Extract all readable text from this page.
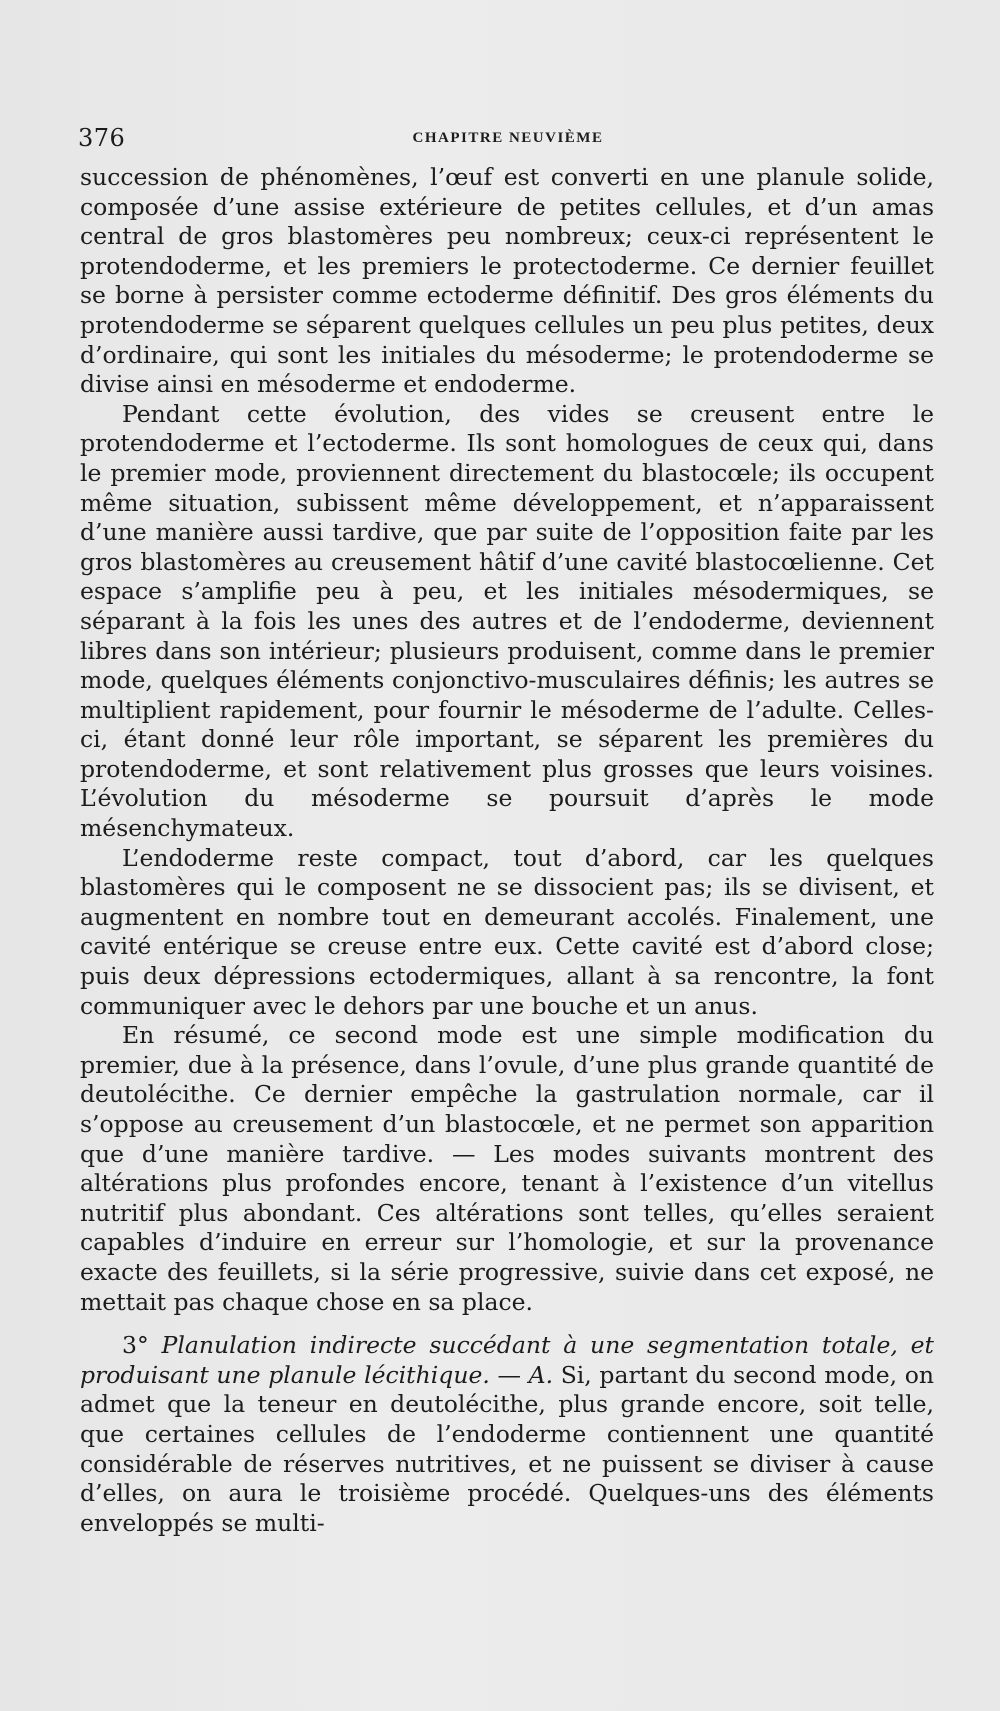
376	CHAPITRE NEUVIÈME

succession de phénomènes, l’œuf est converti en une planule solide, composée d’une assise extérieure de petites cellules, et d’un amas central de gros blastomères peu nombreux; ceux-ci représentent le protendoderme, et les premiers le protectoderme. Ce dernier feuillet se borne à persister comme ectoderme définitif. Des gros éléments du protendoderme se séparent quelques cellules un peu plus petites, deux d’ordinaire, qui sont les initiales du mésoderme; le protendoderme se divise ainsi en mésoderme et endoderme.

Pendant cette évolution, des vides se creusent entre le protendoderme et l’ectoderme. Ils sont homologues de ceux qui, dans le premier mode, proviennent directement du blastocœle; ils occupent même situation, subissent même développement, et n’apparaissent d’une manière aussi tardive, que par suite de l’opposition faite par les gros blastomères au creusement hâtif d’une cavité blastocœlienne. Cet espace s’amplifie peu à peu, et les initiales mésodermiques, se séparant à la fois les unes des autres et de l’endoderme, deviennent libres dans son intérieur; plusieurs produisent, comme dans le premier mode, quelques éléments conjonctivo-musculaires définis; les autres se multiplient rapidement, pour fournir le mésoderme de l’adulte. Celles-ci, étant donné leur rôle important, se séparent les premières du protendoderme, et sont relativement plus grosses que leurs voisines. L’évolution du mésoderme se poursuit d’après le mode mésenchymateux.

L’endoderme reste compact, tout d’abord, car les quelques blastomères qui le composent ne se dissocient pas; ils se divisent, et augmentent en nombre tout en demeurant accolés. Finalement, une cavité entérique se creuse entre eux. Cette cavité est d’abord close; puis deux dépressions ectodermiques, allant à sa rencontre, la font communiquer avec le dehors par une bouche et un anus.

En résumé, ce second mode est une simple modification du premier, due à la présence, dans l’ovule, d’une plus grande quantité de deutolécithe. Ce dernier empêche la gastrulation normale, car il s’oppose au creusement d’un blastocœle, et ne permet son apparition que d’une manière tardive. — Les modes suivants montrent des altérations plus profondes encore, tenant à l’existence d’un vitellus nutritif plus abondant. Ces altérations sont telles, qu’elles seraient capables d’induire en erreur sur l’homologie, et sur la provenance exacte des feuillets, si la série progressive, suivie dans cet exposé, ne mettait pas chaque chose en sa place.

3° Planulation indirecte succédant à une segmentation totale, et produisant une planule lécithique. — A. Si, partant du second mode, on admet que la teneur en deutolécithe, plus grande encore, soit telle, que certaines cellules de l’endoderme contiennent une quantité considérable de réserves nutritives, et ne puissent se diviser à cause d’elles, on aura le troisième procédé. Quelques-uns des éléments enveloppés se multi-
